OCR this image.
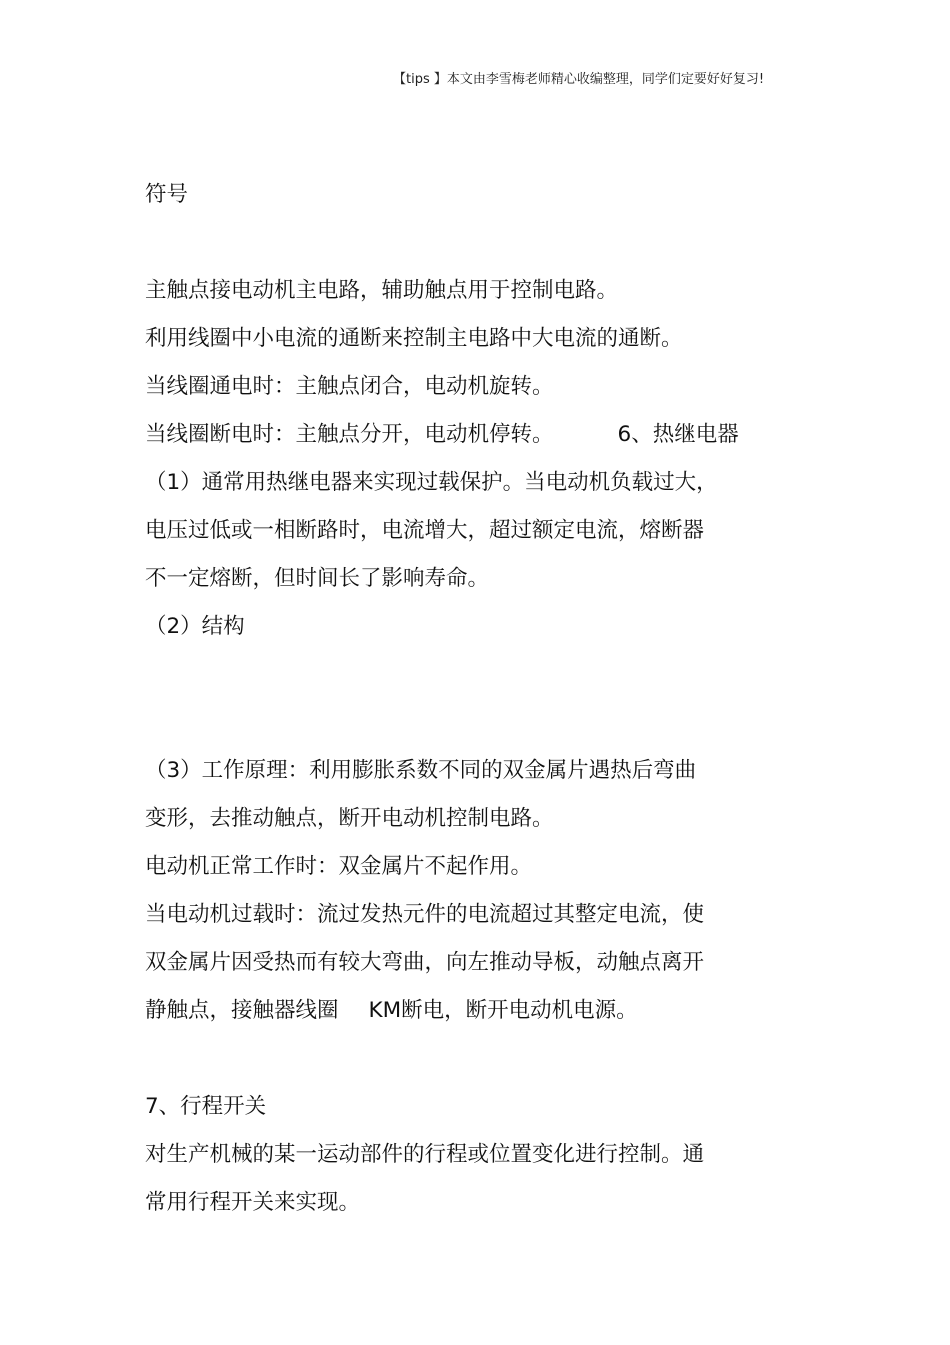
【tips 】本文由李雪梅老师精心收编整理，同学们定要好好复习!
符号
主触点接电动机主电路，辅助触点用于控制电路。
利用线圈中小电流的通断来控制主电路中大电流的通断。
当线圈通电时：主触点闭合，电动机旋转。
当线圈断电时：主触点分开，电动机停转。	6、热继电器
（1）通常用热继电器来实现过载保护。当电动机负载过大，
电压过低或一相断路时，电流增大，超过额定电流，熔断器
不一定熔断，但时间长了影响寿命。
（2）结构
（3）工作原理：利用膨胀系数不同的双金属片遇热后弯曲
变形，去推动触点，断开电动机控制电路。
电动机正常工作时：双金属片不起作用。
当电动机过载时：流过发热元件的电流超过其整定电流，使
双金属片因受热而有较大弯曲，向左推动导板，动触点离开
静触点，接触器线圈 KM断电，断开电动机电源。
7、行程开关
对生产机械的某一运动部件的行程或位置变化进行控制。通
常用行程开关来实现。
